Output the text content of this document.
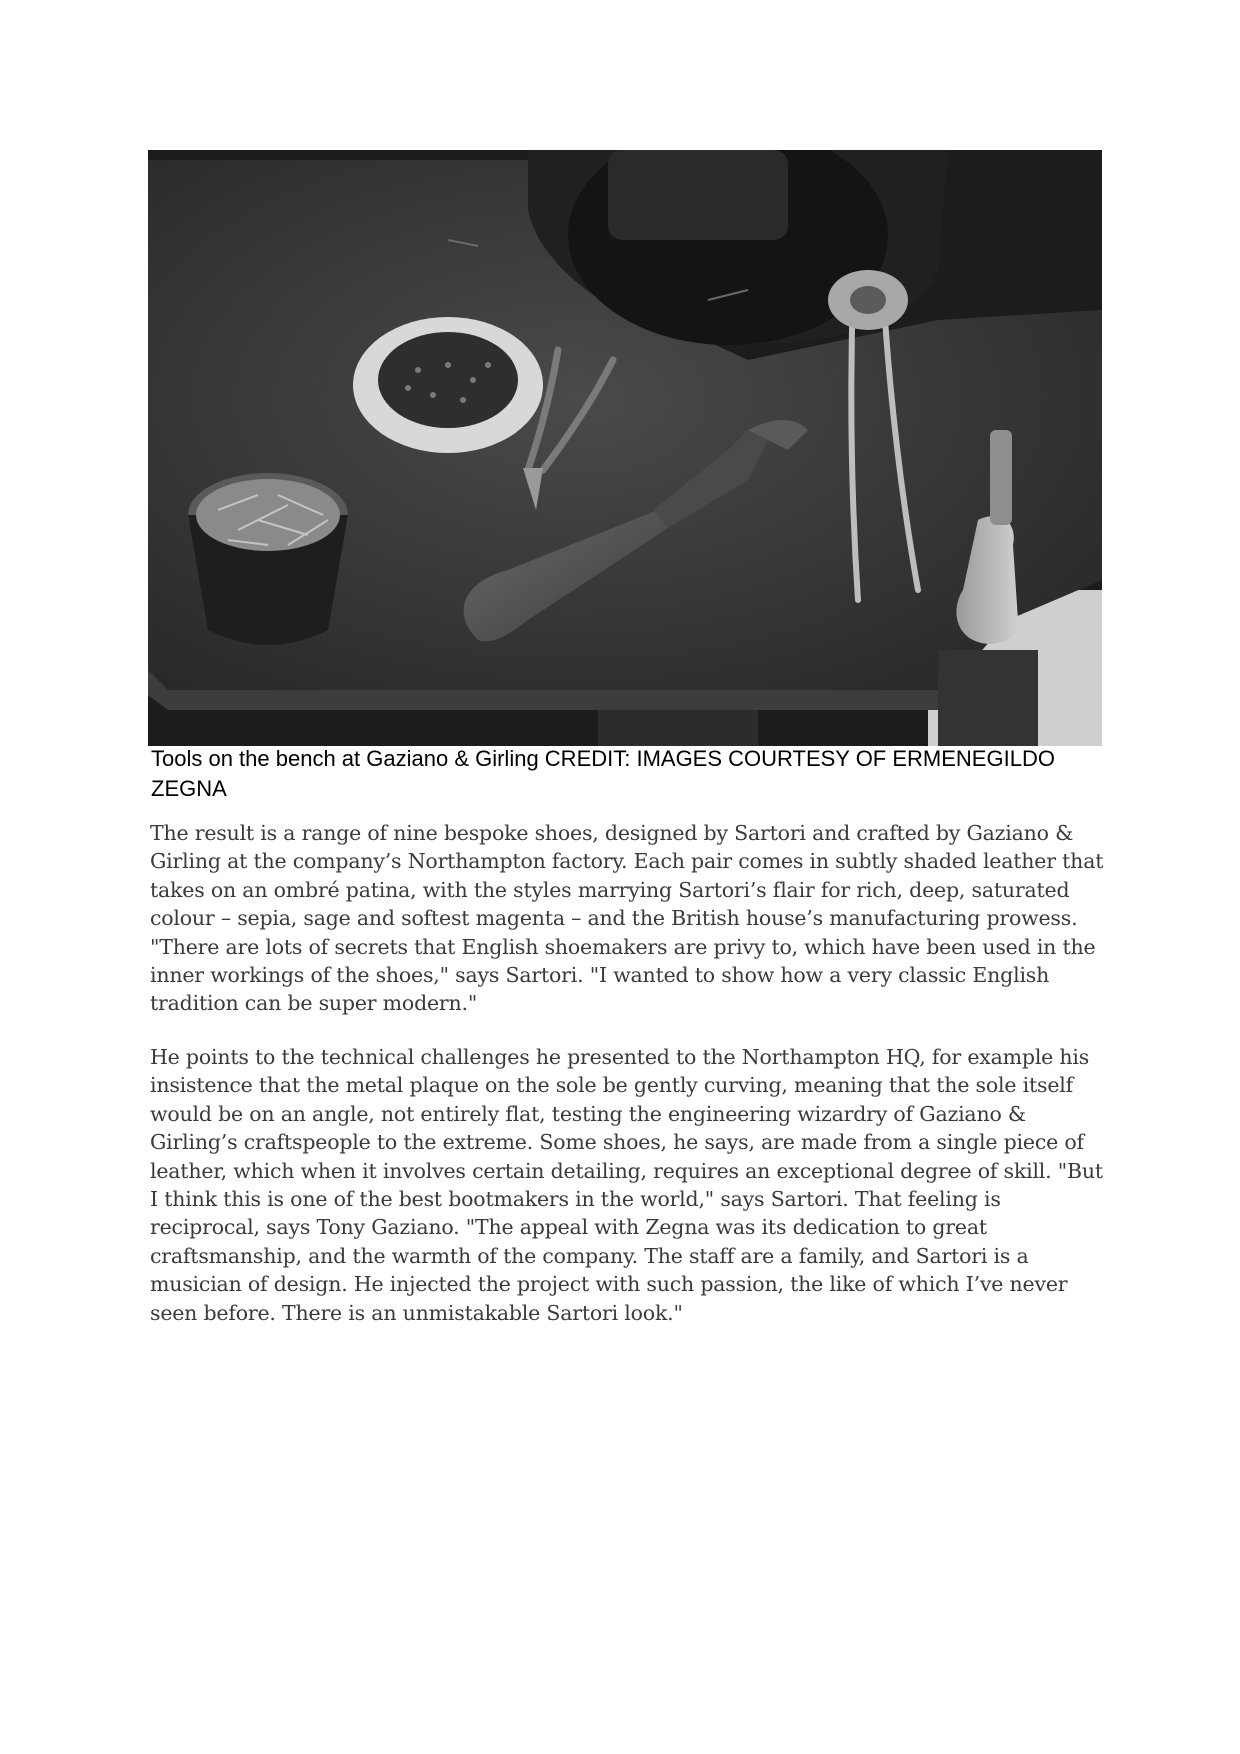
Tools on the bench at Gaziano & Girling CREDIT: IMAGES COURTESY OF ERMENEGILDO ZEGNA

The result is a range of nine bespoke shoes, designed by Sartori and crafted by Gaziano & Girling at the company’s Northampton factory. Each pair comes in subtly shaded leather that takes on an ombré patina, with the styles marrying Sartori’s flair for rich, deep, saturated colour – sepia, sage and softest magenta – and the British house’s manufacturing prowess. "There are lots of secrets that English shoemakers are privy to, which have been used in the inner workings of the shoes," says Sartori. "I wanted to show how a very classic English tradition can be super modern."

He points to the technical challenges he presented to the Northampton HQ, for example his insistence that the metal plaque on the sole be gently curving, meaning that the sole itself would be on an angle, not entirely flat, testing the engineering wizardry of Gaziano & Girling’s craftspeople to the extreme. Some shoes, he says, are made from a single piece of leather, which when it involves certain detailing, requires an exceptional degree of skill. "But I think this is one of the best bootmakers in the world," says Sartori. That feeling is reciprocal, says Tony Gaziano. "The appeal with Zegna was its dedication to great craftsmanship, and the warmth of the company. The staff are a family, and Sartori is a musician of design. He injected the project with such passion, the like of which I’ve never seen before. There is an unmistakable Sartori look."
